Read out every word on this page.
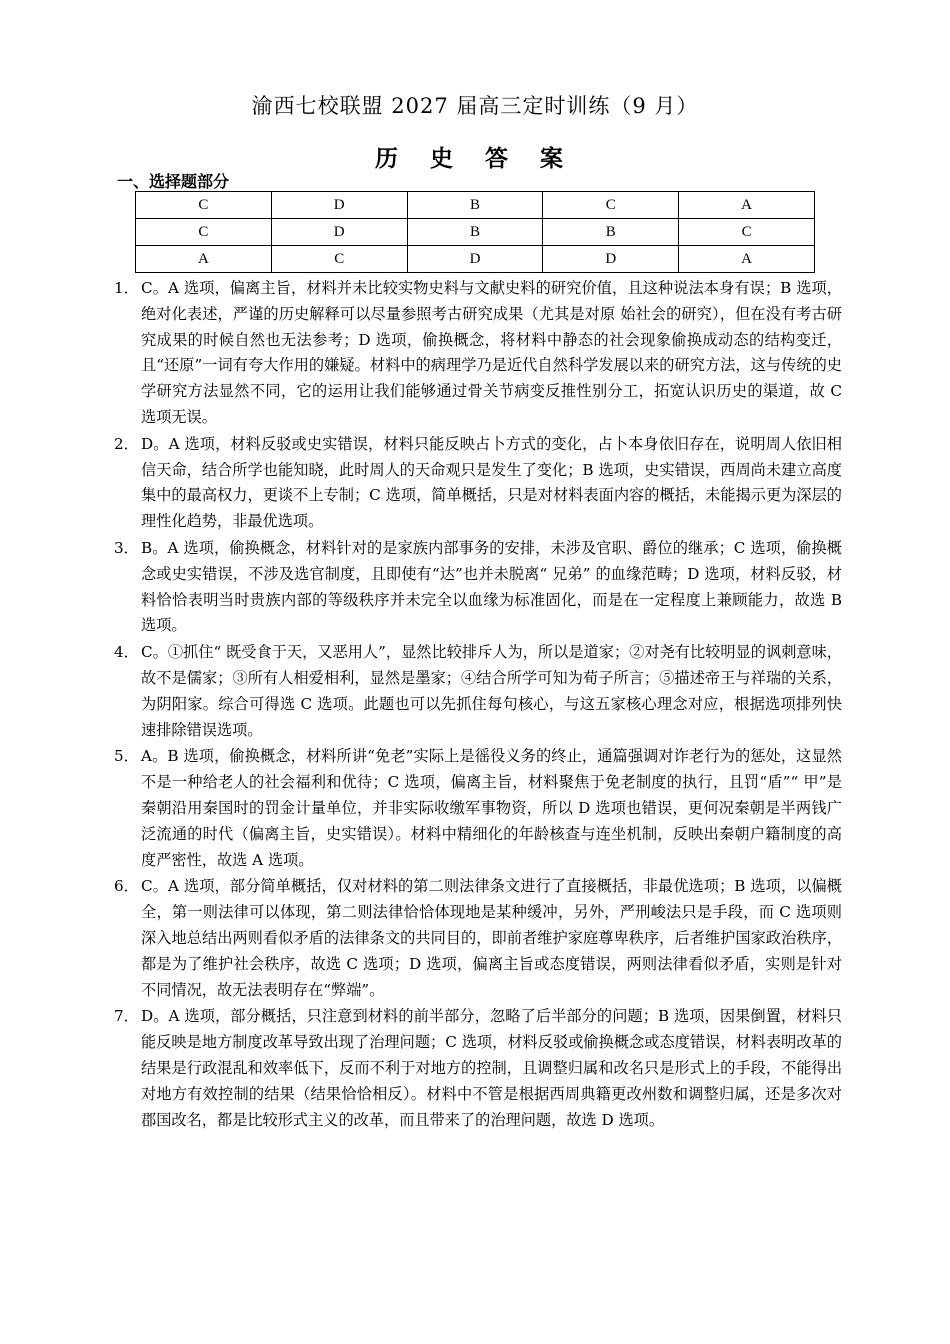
渝西七校联盟 2027 届高三定时训练（9 月）
历 史 答 案
一、选择题部分
C	D	B	C	A
C	D	B	B	C
A	C	D	D	A
1． C。A 选项，偏离主旨，材料并未比较实物史料与文献史料的研究价值，且这种说法本身有误；B 选项，绝对化表述，严谨的历史解释可以尽量参照考古研究成果（尤其是对原 始社会的研究），但在没有考古研究成果的时候自然也无法参考；D 选项，偷换概念，将材料中静态的社会现象偷换成动态的结构变迁，且“还原”一词有夸大作用的嫌疑。材料中的病理学乃是近代自然科学发展以来的研究方法，这与传统的史学研究方法显然不同，它的运用让我们能够通过骨关节病变反推性别分工，拓宽认识历史的渠道，故 C 选项无误。
2． D。A 选项，材料反驳或史实错误，材料只能反映占卜方式的变化，占卜本身依旧存在，说明周人依旧相信天命，结合所学也能知晓，此时周人的天命观只是发生了变化；B 选项，史实错误，西周尚未建立高度集中的最高权力，更谈不上专制；C 选项，简单概括，只是对材料表面内容的概括，未能揭示更为深层的理性化趋势，非最优选项。
3． B。A 选项，偷换概念，材料针对的是家族内部事务的安排，未涉及官职、爵位的继承；C 选项，偷换概念或史实错误，不涉及选官制度，且即使有“达”也并未脱离“ 兄弟” 的血缘范畴；D 选项，材料反驳，材料恰恰表明当时贵族内部的等级秩序并未完全以血缘为标准固化，而是在一定程度上兼顾能力，故选 B 选项。
4． C。①抓住“ 既受食于天，又恶用人”，显然比较排斥人为，所以是道家；②对尧有比较明显的讽刺意味，故不是儒家；③所有人相爱相利，显然是墨家；④结合所学可知为荀子所言；⑤描述帝王与祥瑞的关系，为阴阳家。综合可得选 C 选项。此题也可以先抓住每句核心，与这五家核心理念对应，根据选项排列快速排除错误选项。
5． A。B 选项，偷换概念，材料所讲“免老”实际上是徭役义务的终止，通篇强调对诈老行为的惩处，这显然不是一种给老人的社会福利和优待；C 选项，偏离主旨，材料聚焦于免老制度的执行，且罚“盾”“ 甲”是秦朝沿用秦国时的罚金计量单位，并非实际收缴军事物资，所以 D 选项也错误，更何况秦朝是半两钱广泛流通的时代（偏离主旨，史实错误）。材料中精细化的年龄核查与连坐机制，反映出秦朝户籍制度的高度严密性，故选 A 选项。
6． C。A 选项，部分简单概括，仅对材料的第二则法律条文进行了直接概括，非最优选项；B 选项，以偏概全，第一则法律可以体现，第二则法律恰恰体现地是某种缓冲，另外，严刑峻法只是手段，而 C 选项则深入地总结出两则看似矛盾的法律条文的共同目的，即前者维护家庭尊卑秩序，后者维护国家政治秩序，都是为了维护社会秩序，故选 C 选项；D 选项，偏离主旨或态度错误，两则法律看似矛盾，实则是针对不同情况，故无法表明存在“弊端”。
7． D。A 选项，部分概括，只注意到材料的前半部分，忽略了后半部分的问题；B 选项，因果倒置，材料只能反映是地方制度改革导致出现了治理问题；C 选项，材料反驳或偷换概念或态度错误，材料表明改革的结果是行政混乱和效率低下，反而不利于对地方的控制，且调整归属和改名只是形式上的手段，不能得出对地方有效控制的结果（结果恰恰相反）。材料中不管是根据西周典籍更改州数和调整归属，还是多次对郡国改名，都是比较形式主义的改革，而且带来了的治理问题，故选 D 选项。
